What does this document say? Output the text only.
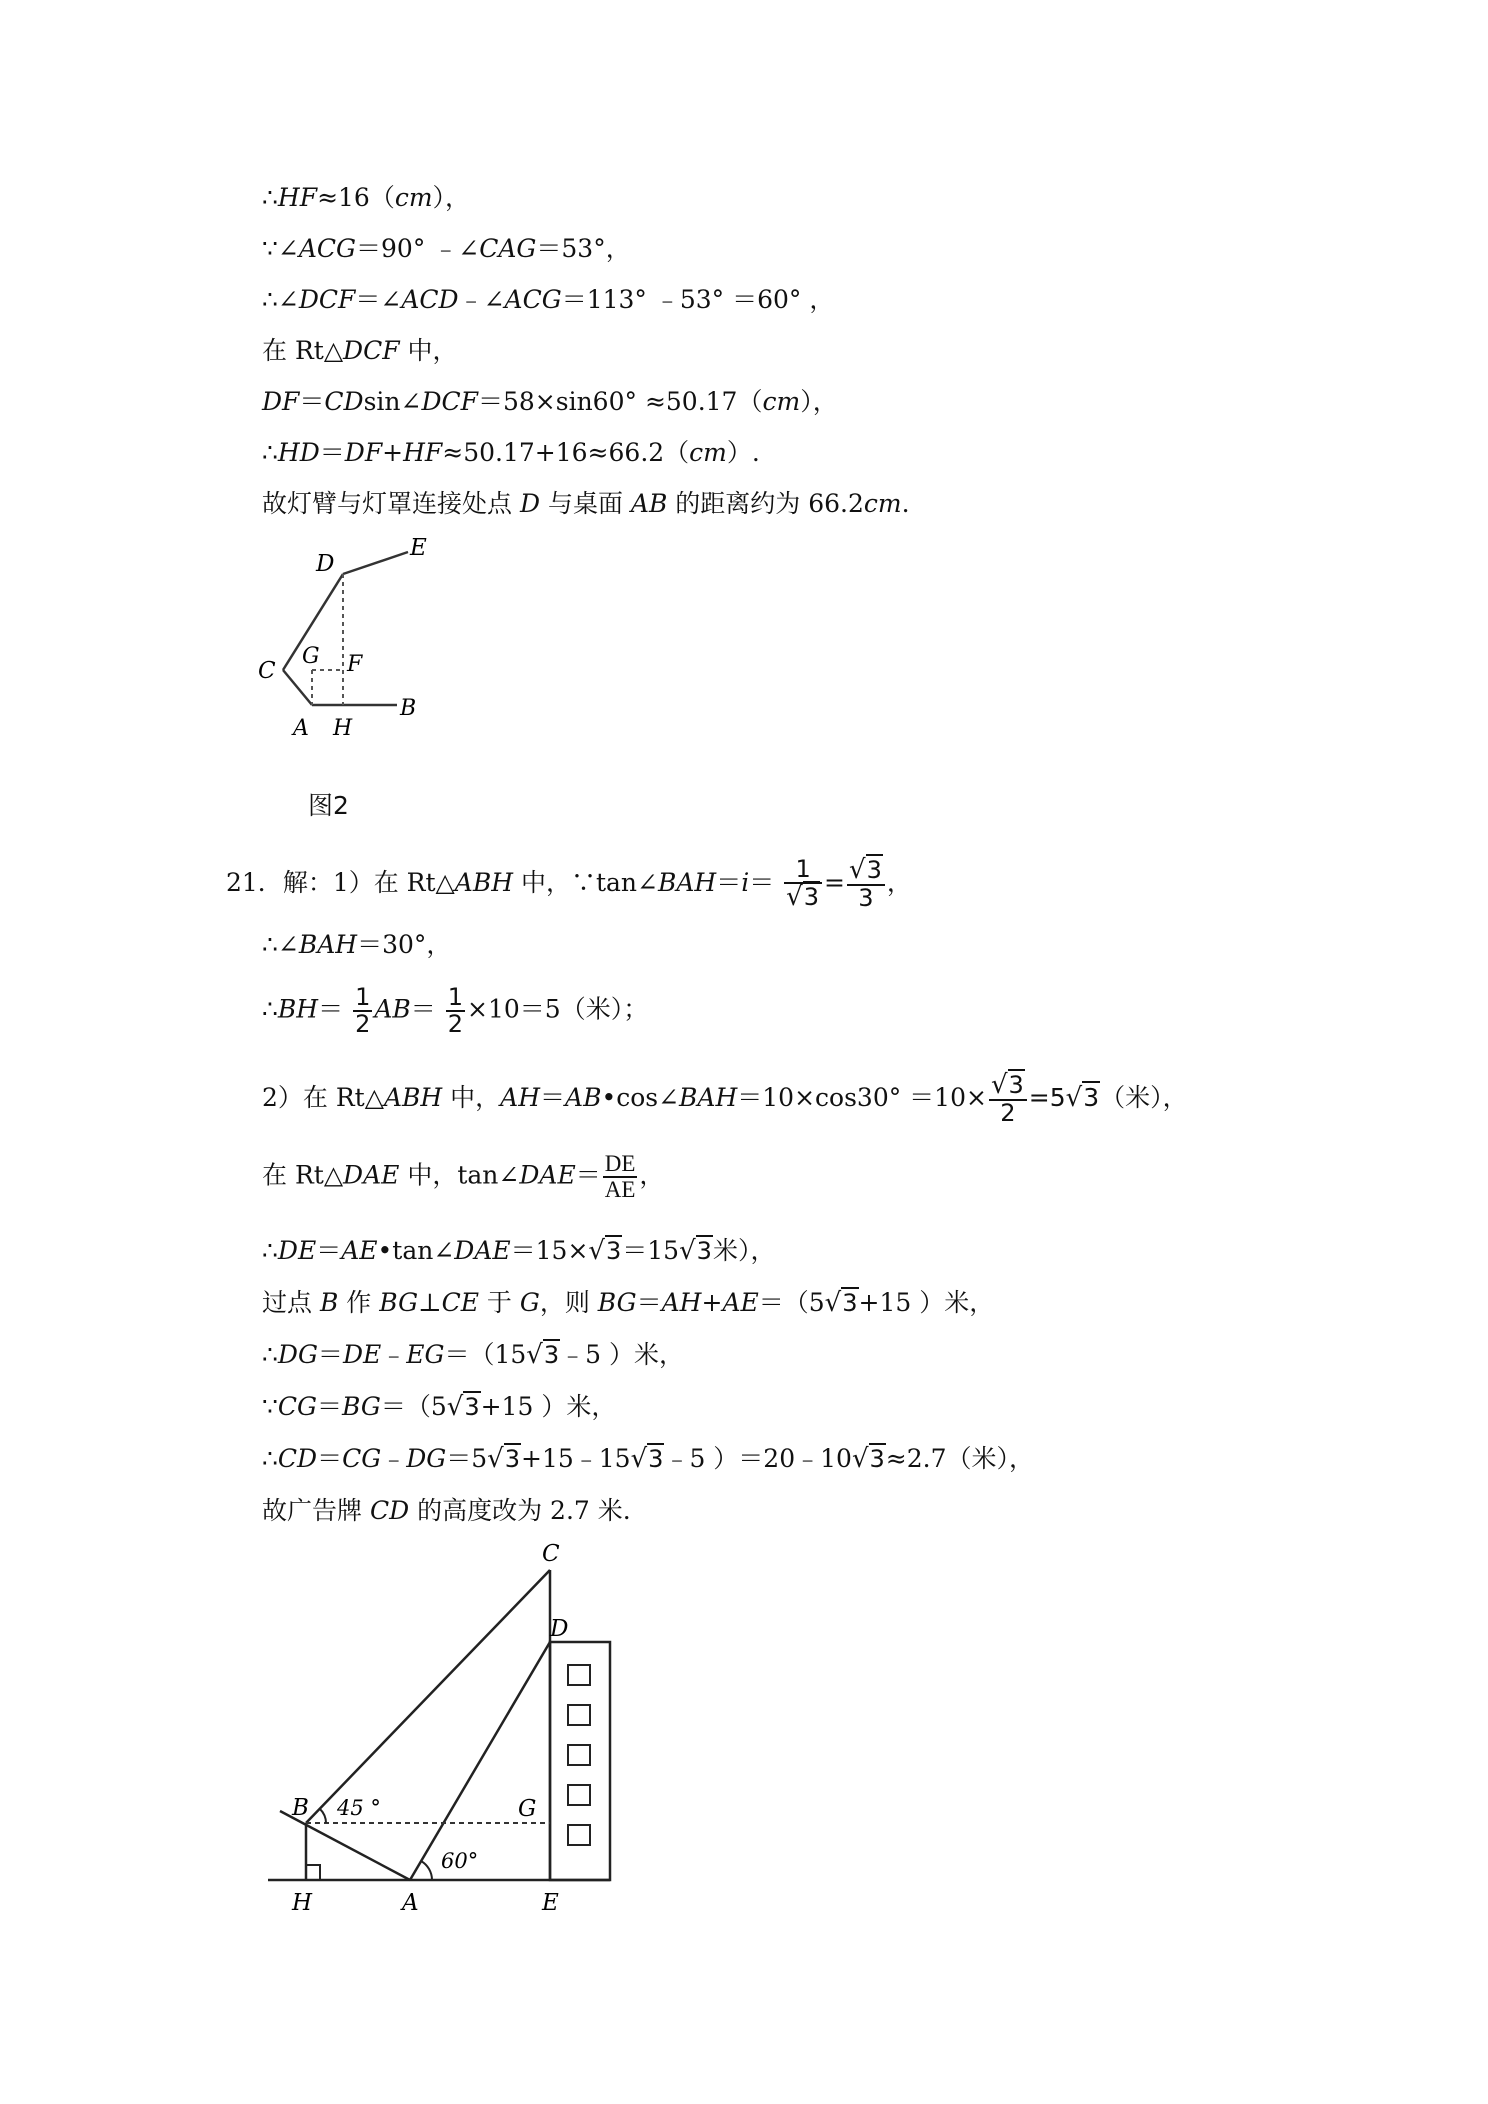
∴HF≈16（cm），
∵∠ACG＝90° ﹣∠CAG＝53°，
∴∠DCF＝∠ACD﹣∠ACG＝113° ﹣53° ＝60° ，
在 Rt△DCF 中，
DF＝CDsin∠DCF＝58×sin60° ≈50.17（cm），
∴HD＝DF+HF≈50.17+16≈66.2（cm）.
故灯臂与灯罩连接处点 D 与桌面 AB 的距离约为 66.2cm.
D
E
C
G F
A H
B
图2
21．解：1）在 Rt△ABH 中，∵tan∠BAH＝i＝ $\frac{1}{√3} = \frac{√3}{3}$ ，
∴∠BAH＝30°，
∴BH＝ $\frac{1}{2} AB= \frac{1}{2} \times 10=5$（米）；
2）在 Rt△ABH 中，AH＝AB•cos∠BAH＝10×cos30° $=10\times \frac{√3}{2} =5√3$（米），
在 Rt△DAE 中，tan∠DAE＝ $\frac{DE}{AE}$ ，
∴DE＝AE•tan∠DAE＝15×√3＝15√3米），
过点 B 作 BG⊥CE 于 G，则 BG＝AH+AE＝（5√3+15 ）米，
∴DG＝DE﹣EG＝（15√3﹣5 ）米，
∵CG＝BG＝（5√3+15 ）米，
∴CD＝CG﹣DG＝5√3+15﹣15√3﹣5 ）＝20﹣10√3≈2.7（米），
故广告牌 CD 的高度改为 2.7 米.
C
D
B	G
H	A	E
45 °
60°
